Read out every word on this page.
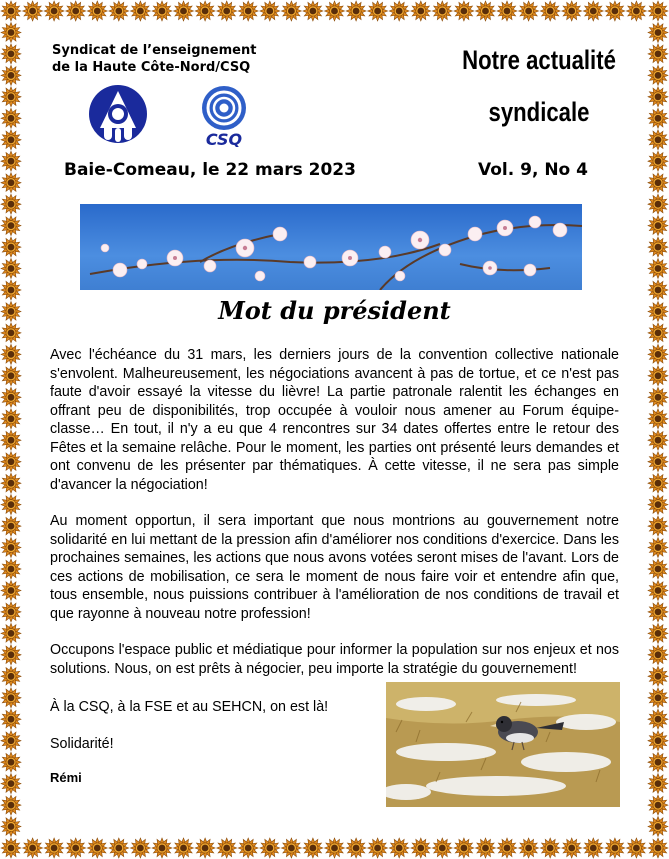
Syndicat de l’enseignement
de la Haute Côte-Nord/CSQ
CSQ
Notre actualité
syndicale
Baie-Comeau, le 22 mars 2023	Vol. 9, No 4
Mot du président

Avec l'échéance du 31 mars, les derniers jours de la convention collective nationale s'envolent. Malheureusement, les négociations avancent à pas de tortue, et ce n'est pas faute d'avoir essayé la vitesse du lièvre! La partie patronale ralentit les échanges en offrant peu de disponibilités, trop occupée à vouloir nous amener au Forum équipe-classe… En tout, il n'y a eu que 4 rencontres sur 34 dates offertes entre le retour des Fêtes et la semaine relâche. Pour le moment, les parties ont présenté leurs demandes et ont convenu de les présenter par thématiques. À cette vitesse, il ne sera pas simple d'avancer la négociation!

Au moment opportun, il sera important que nous montrions au gouvernement notre solidarité en lui mettant de la pression afin d'améliorer nos conditions d'exercice. Dans les prochaines semaines, les actions que nous avons votées seront mises de l'avant. Lors de ces actions de mobilisation, ce sera le moment de nous faire voir et entendre afin que, tous ensemble, nous puissions contribuer à l'amélioration de nos conditions de travail et que rayonne à nouveau notre profession!

Occupons l'espace public et médiatique pour informer la population sur nos enjeux et nos solutions. Nous, on est prêts à négocier, peu importe la stratégie du gouvernement!

À la CSQ, à la FSE et au SEHCN, on est là!
Solidarité!
Rémi
